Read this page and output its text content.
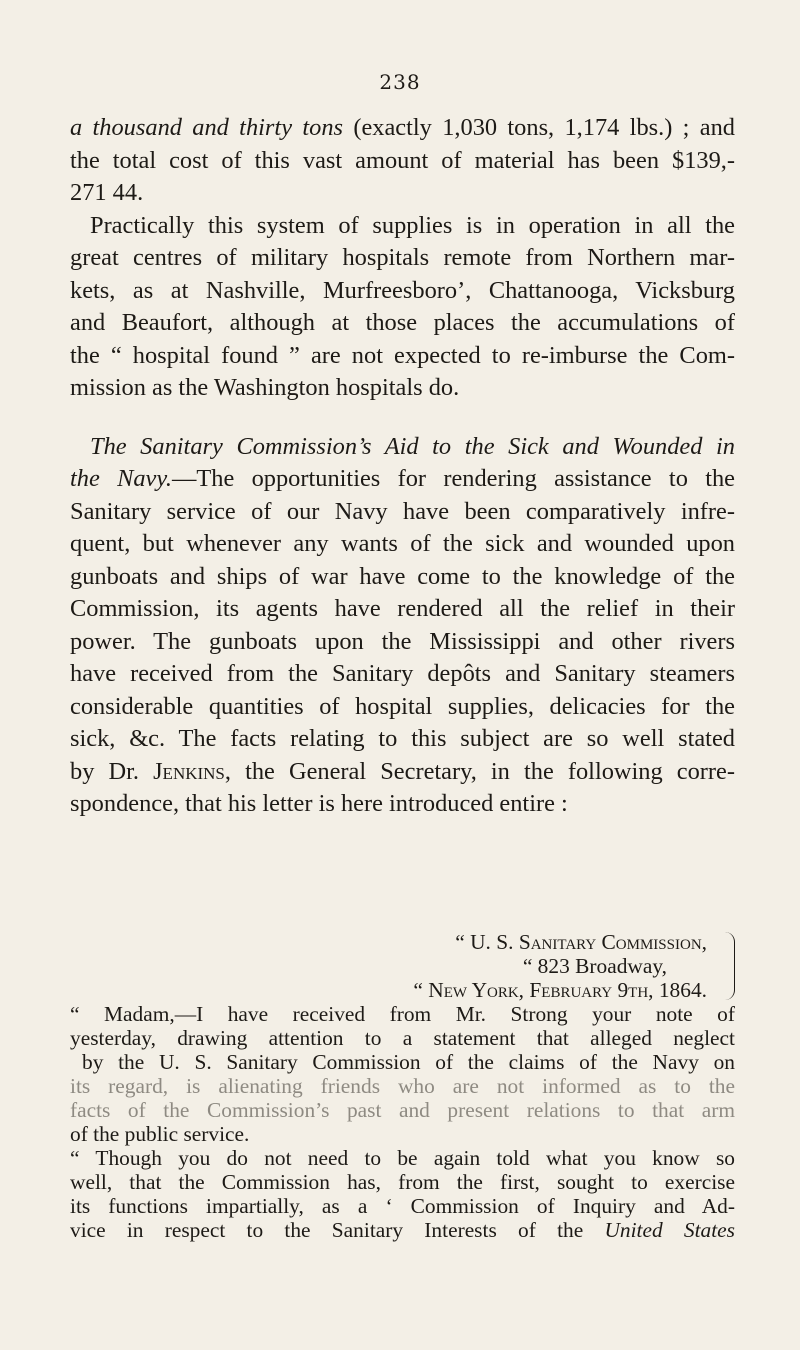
238
a thousand and thirty tons (exactly 1,030 tons, 1,174 lbs.) ; and
the total cost of this vast amount of material has been $139,-
271 44.
Practically this system of supplies is in operation in all the
great centres of military hospitals remote from Northern mar-
kets, as at Nashville, Murfreesboro’, Chattanooga, Vicksburg
and Beaufort, although at those places the accumulations of
the “ hospital found ” are not expected to re-imburse the Com-
mission as the Washington hospitals do.
The Sanitary Commission’s Aid to the Sick and Wounded in
the Navy.—The opportunities for rendering assistance to the
Sanitary service of our Navy have been comparatively infre-
quent, but whenever any wants of the sick and wounded upon
gunboats and ships of war have come to the knowledge of the
Commission, its agents have rendered all the relief in their
power. The gunboats upon the Mississippi and other rivers
have received from the Sanitary depôts and Sanitary steamers
considerable quantities of hospital supplies, delicacies for the
sick, &c. The facts relating to this subject are so well stated
by Dr. Jenkins, the General Secretary, in the following corre-
spondence, that his letter is here introduced entire :
“ U. S. Sanitary Commission,
“ 823 Broadway,
“ New York, February 9th, 1864.
“ Madam,—I have received from Mr. Strong your note of
yesterday, drawing attention to a statement that alleged neglect
by the U. S. Sanitary Commission of the claims of the Navy on
its regard, is alienating friends who are not informed as to the
facts of the Commission’s past and present relations to that arm
of the public service.
“ Though you do not need to be again told what you know so
well, that the Commission has, from the first, sought to exercise
its functions impartially, as a ‘ Commission of Inquiry and Ad-
vice in respect to the Sanitary Interests of the United States
